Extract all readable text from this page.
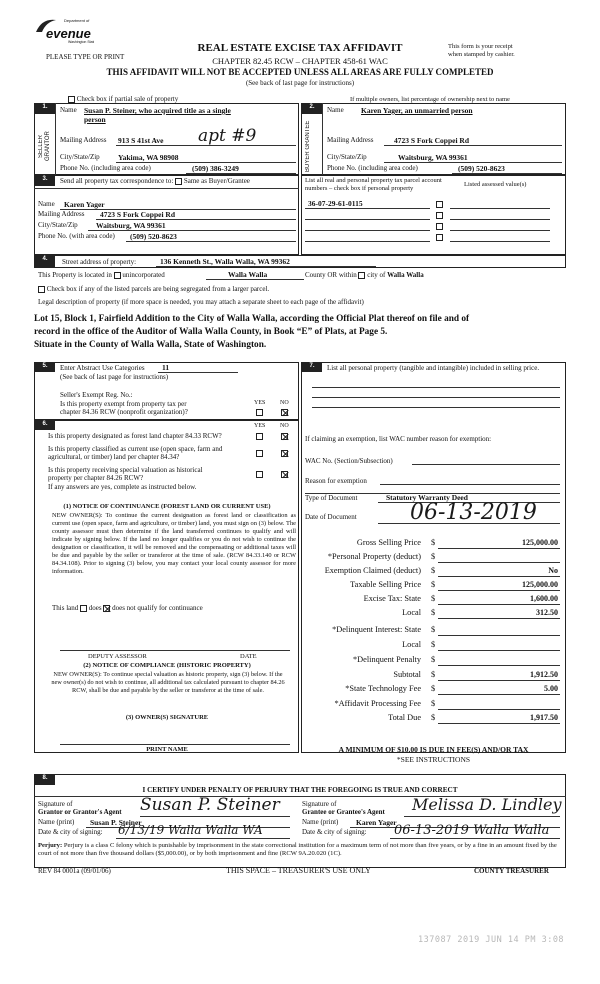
evenue
Department of
Washington State
PLEASE TYPE OR PRINT
REAL ESTATE EXCISE TAX AFFIDAVIT
CHAPTER 82.45 RCW – CHAPTER 458-61 WAC
THIS AFFIDAVIT WILL NOT BE ACCEPTED UNLESS ALL AREAS ARE FULLY COMPLETED
(See back of last page for instructions)
This form is your receipt
when stamped by cashier.
Check box if partial sale of property	If multiple owners, list percentage of ownership next to name
1.	2.
SELLER GRANTOR	BUYER GRANTEE
Name Susan P. Steiner, who acquired title as a single
person
Mailing Address 913 S 41st Ave apt #9
City/State/Zip Yakima, WA 98908
Phone No. (including area code)	(509) 386-3249
Name Karen Yager, an unmarried person
Mailing Address	4723 S Fork Coppei Rd
City/State/Zip	Waitsburg, WA 99361
Phone No. (including area code)	(509) 520-8623
3.	Send all property tax correspondence to: Same as Buyer/Grantee
Name Karen Yager
Mailing Address 4723 S Fork Coppei Rd
City/State/Zip Waitsburg, WA 99361
Phone No. (with area code) (509) 520-8623
List all real and personal property tax parcel account
numbers – check box if personal property
Listed assessed value(s)
36-07-29-61-0115
4.	Street address of property:	136 Kenneth St., Walla Walla, WA 99362
This Property is located in unincorporated	Walla Walla	County OR within city of Walla Walla
Check box if any of the listed parcels are being segregated from a larger parcel.
Legal description of property (if more space is needed, you may attach a separate sheet to each page of the affidavit)
Lot 15, Block 1, Fairfield Addition to the City of Walla Walla, according the Official Plat thereof on file and of
record in the office of the Auditor of Walla Walla County, in Book “E” of Plats, at Page 5.
Situate in the County of Walla Walla, State of Washington.
5.
6.
7.
Enter Abstract Use Categories 11
(See back of last page for instructions)
Seller's Exempt Reg. No.:
Is this property exempt from property tax per
chapter 84.36 RCW (nonprofit organization)?
YES NO
YES NO
Is this property designated as forest land chapter 84.33 RCW?
Is this property classified as current use (open space, farm and
agricultural, or timber) land per chapter 84.34?
Is this property receiving special valuation as historical
property per chapter 84.26 RCW?
If any answers are yes, complete as instructed below.
(1) NOTICE OF CONTINUANCE (FOREST LAND OR CURRENT USE)
NEW OWNER(S): To continue the current designation as forest land or classification as current use (open space, farm and agriculture, or timber) land, you must sign on (3) below. The county assessor must then determine if the land transferred continues to qualify and will indicate by signing below. If the land no longer qualifies or you do not wish to continue the designation or classification, it will be removed and the compensating or additional taxes will be due and payable by the seller or transferor at the time of sale. (RCW 84.33.140 or RCW 84.34.108). Prior to signing (3) below, you may contact your local county assessor for more information.
This land does does not qualify for continuance
DEPUTY ASSESSOR	DATE
(2) NOTICE OF COMPLIANCE (HISTORIC PROPERTY)
NEW OWNER(S): To continue special valuation as historic property, sign (3) below. If the new owner(s) do not wish to continue, all additional tax calculated pursuant to chapter 84.26 RCW, shall be due and payable by the seller or transferor at the time of sale.
(3) OWNER(S) SIGNATURE
PRINT NAME
List all personal property (tangible and intangible) included in selling price.
If claiming an exemption, list WAC number reason for exemption:
WAC No. (Section/Subsection)
Reason for exemption
Type of Document	Statutory Warranty Deed
Date of Document 06-13-2019
Gross Selling Price $	125,000.00
*Personal Property (deduct) $
Exemption Claimed (deduct) $	No
Taxable Selling Price $	125,000.00
Excise Tax: State $	1,600.00
Local $	312.50
*Delinquent Interest: State $
Local $
*Delinquent Penalty $
Subtotal $	1,912.50
*State Technology Fee $	5.00
*Affidavit Processing Fee $
Total Due $	1,917.50
A MINIMUM OF $10.00 IS DUE IN FEE(S) AND/OR TAX
*SEE INSTRUCTIONS
8.
I CERTIFY UNDER PENALTY OF PERJURY THAT THE FOREGOING IS TRUE AND CORRECT
Signature of
Grantor or Grantor's Agent Susan P. Steiner
Name (print) Susan P. Steiner
Date & city of signing: 6/13/19 Walla Walla WA
Signature of
Grantee or Grantee's Agent Melissa D. Lindley
Name (print) Karen Yager
Date & city of signing: 06-13-2019 Walla Walla
Perjury: Perjury is a class C felony which is punishable by imprisonment in the state correctional institution for a maximum term of not more than five years, or by a fine in an amount fixed by the court of not more than five thousand dollars ($5,000.00), or by both imprisonment and fine (RCW 9A.20.020 (1C).
REV 84 0001a (09/01/06)	THIS SPACE – TREASURER'S USE ONLY	COUNTY TREASURER
137087 2019 JUN 14 PM 3:08
